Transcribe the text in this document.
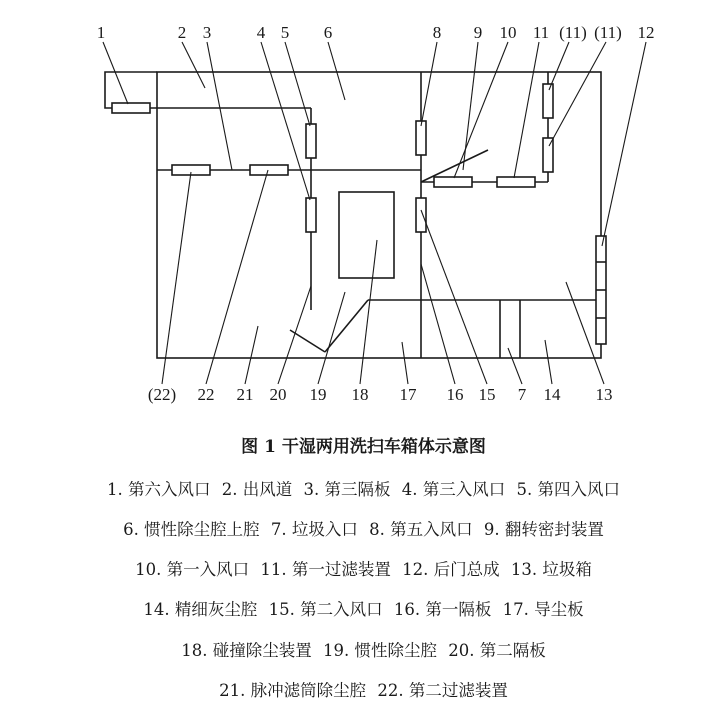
1	2 3	4 5 6	8 9 10 11 (11) (11) 12
(22) 22 21 20 19 18 17 16 15 7 14 13
图 1 干湿两用洗扫车箱体示意图
1. 第六入风口 2. 出风道 3. 第三隔板 4. 第三入风口 5. 第四入风口
6. 惯性除尘腔上腔 7. 垃圾入口 8. 第五入风口 9. 翻转密封装置
10. 第一入风口 11. 第一过滤装置 12. 后门总成 13. 垃圾箱
14. 精细灰尘腔 15. 第二入风口 16. 第一隔板 17. 导尘板
18. 碰撞除尘装置 19. 惯性除尘腔 20. 第二隔板
21. 脉冲滤筒除尘腔 22. 第二过滤装置
